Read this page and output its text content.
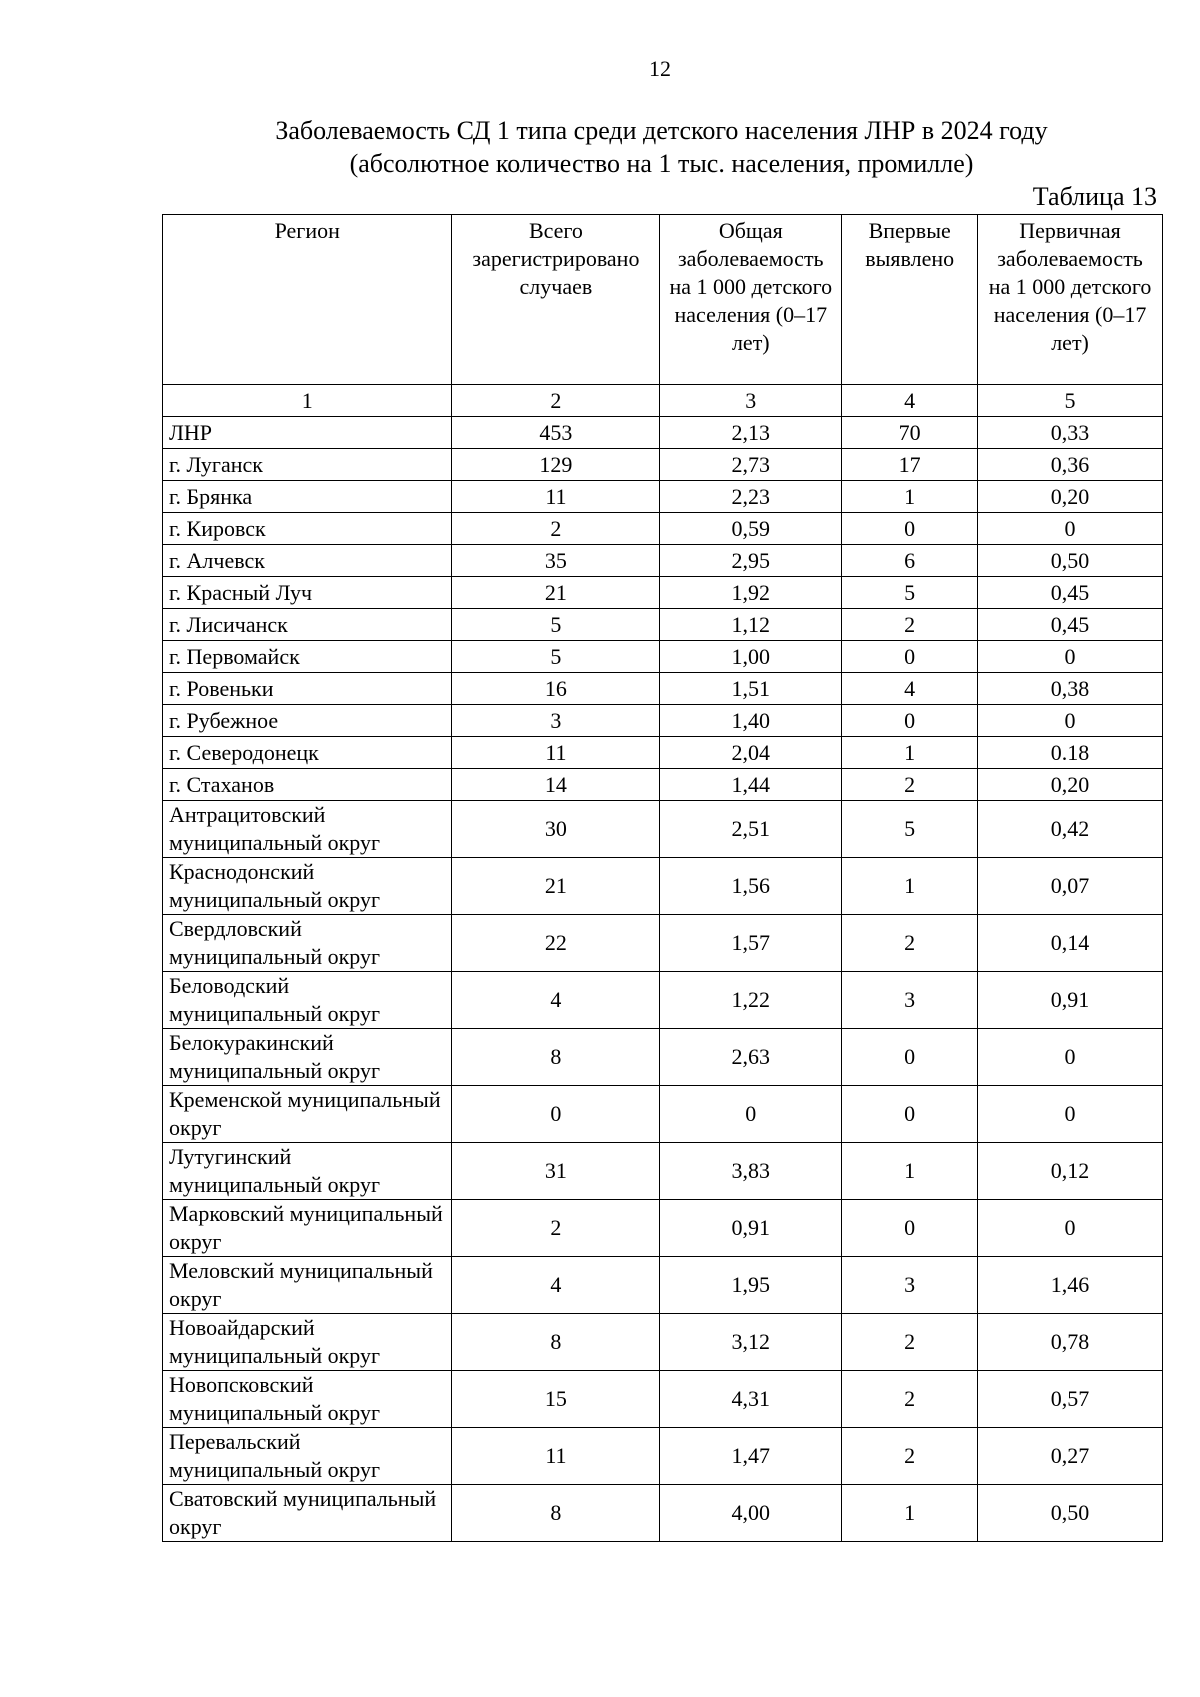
12
Заболеваемость СД 1 типа среди детского населения ЛНР в 2024 году
(абсолютное количество на 1 тыс. населения, промилле)
Таблица 13
Регион	Всего зарегистрировано случаев	Общая заболеваемость на 1 000 детского населения (0–17 лет)	Впервые выявлено	Первичная заболеваемость на 1 000 детского населения (0–17 лет)
1	2	3	4	5
ЛНР	453	2,13	70	0,33
г. Луганск	129	2,73	17	0,36
г. Брянка	11	2,23	1	0,20
г. Кировск	2	0,59	0	0
г. Алчевск	35	2,95	6	0,50
г. Красный Луч	21	1,92	5	0,45
г. Лисичанск	5	1,12	2	0,45
г. Первомайск	5	1,00	0	0
г. Ровеньки	16	1,51	4	0,38
г. Рубежное	3	1,40	0	0
г. Северодонецк	11	2,04	1	0.18
г. Стаханов	14	1,44	2	0,20
Антрацитовский муниципальный округ	30	2,51	5	0,42
Краснодонский муниципальный округ	21	1,56	1	0,07
Свердловский муниципальный округ	22	1,57	2	0,14
Беловодский муниципальный округ	4	1,22	3	0,91
Белокуракинский муниципальный округ	8	2,63	0	0
Кременской муниципальный округ	0	0	0	0
Лутугинский муниципальный округ	31	3,83	1	0,12
Марковский муниципальный округ	2	0,91	0	0
Меловский муниципальный округ	4	1,95	3	1,46
Новоайдарский муниципальный округ	8	3,12	2	0,78
Новопсковский муниципальный округ	15	4,31	2	0,57
Перевальский муниципальный округ	11	1,47	2	0,27
Сватовский муниципальный округ	8	4,00	1	0,50
